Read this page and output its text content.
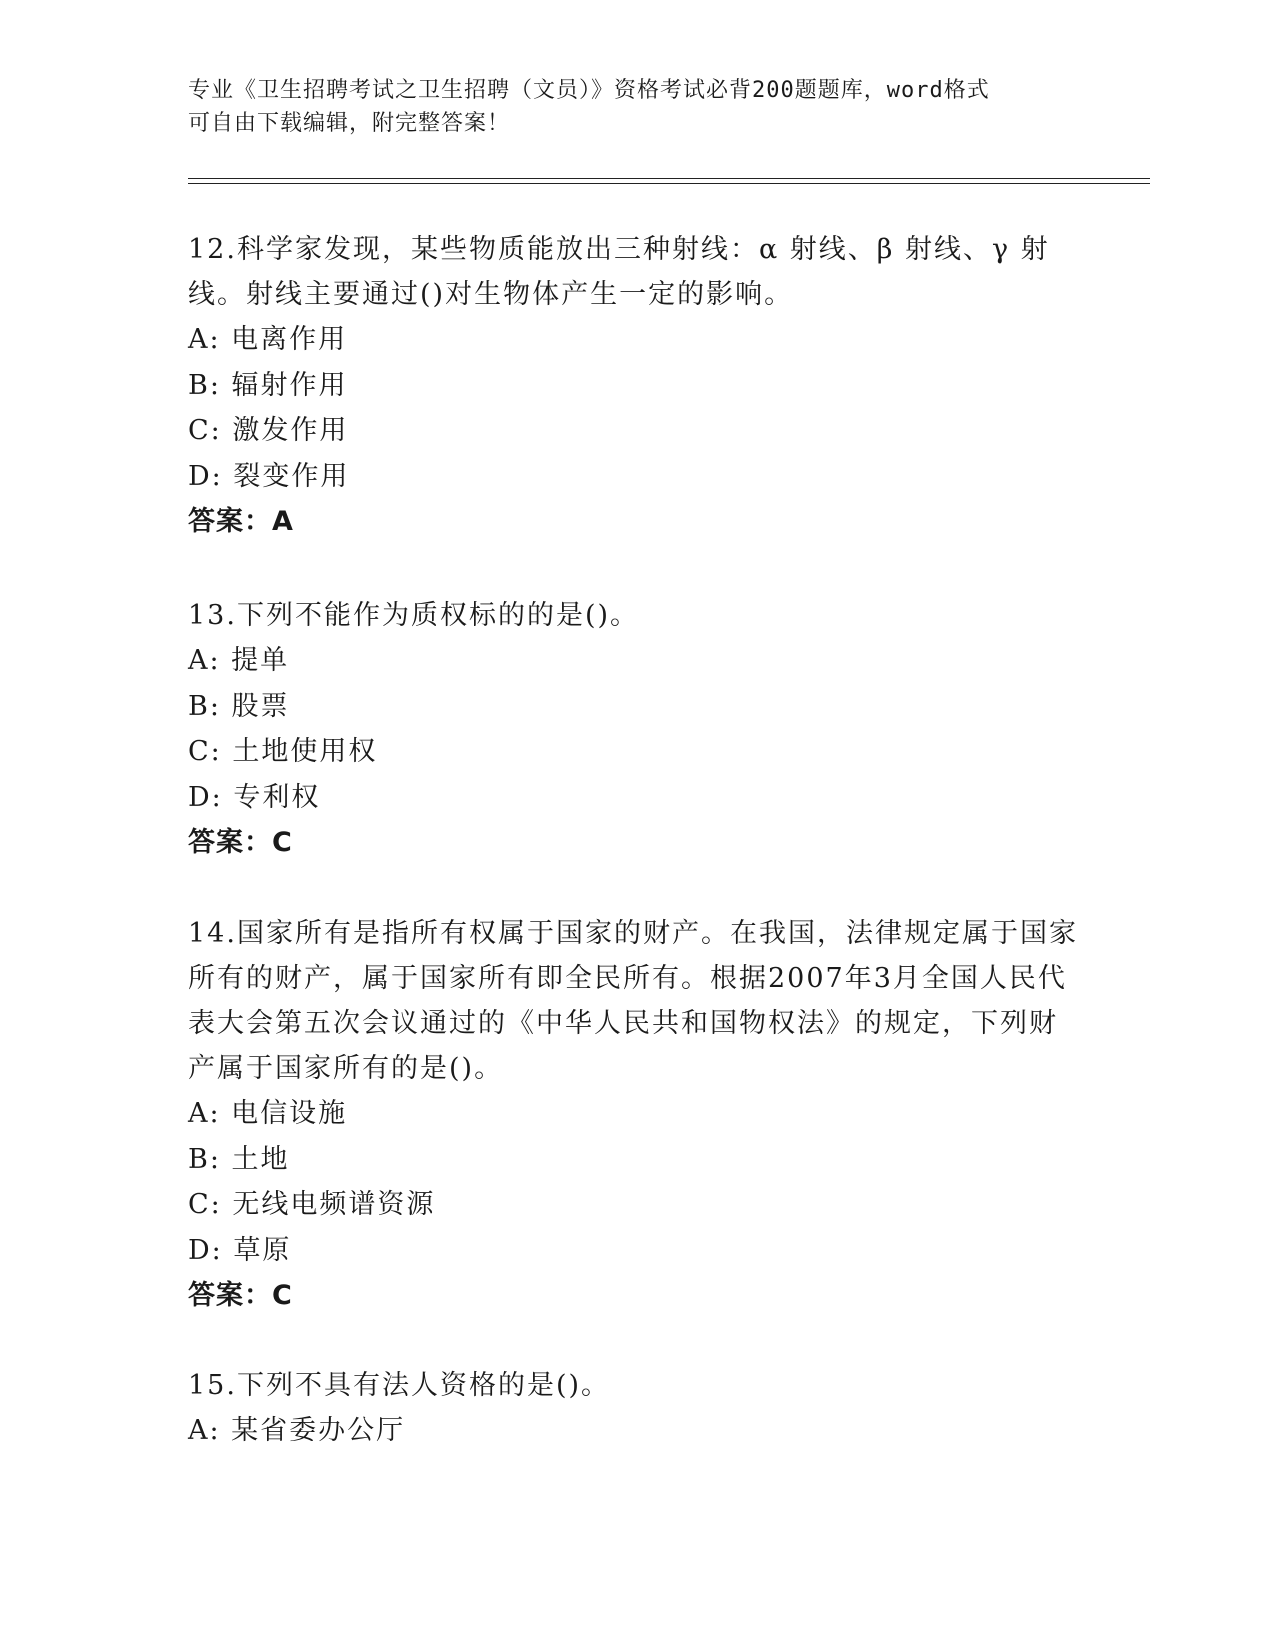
专业《卫生招聘考试之卫生招聘（文员）》资格考试必背200题题库，word格式
可自由下载编辑，附完整答案！
12.科学家发现，某些物质能放出三种射线：α 射线、β 射线、γ 射
线。射线主要通过()对生物体产生一定的影响。
A: 电离作用
B: 辐射作用
C: 激发作用
D: 裂变作用
答案：A
13.下列不能作为质权标的的是()。
A: 提单
B: 股票
C: 土地使用权
D: 专利权
答案：C
14.国家所有是指所有权属于国家的财产。在我国，法律规定属于国家
所有的财产，属于国家所有即全民所有。根据2007年3月全国人民代
表大会第五次会议通过的《中华人民共和国物权法》的规定，下列财
产属于国家所有的是()。
A: 电信设施
B: 土地
C: 无线电频谱资源
D: 草原
答案：C
15.下列不具有法人资格的是()。
A: 某省委办公厅
